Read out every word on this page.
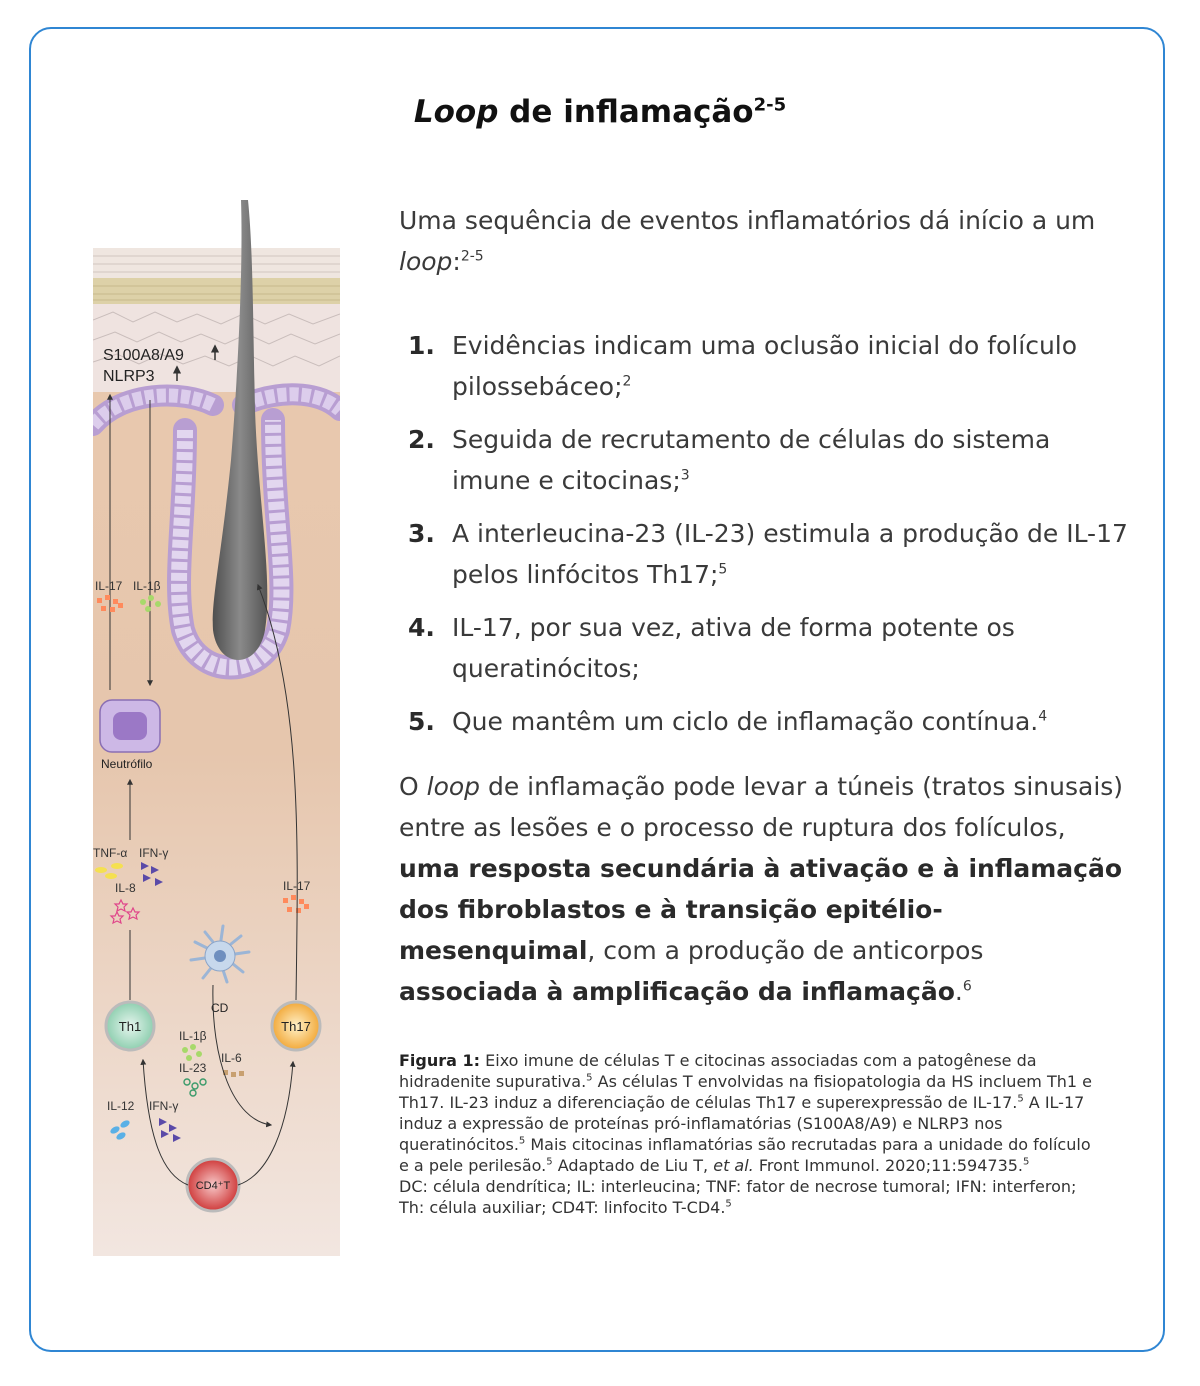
Loop de inflamação$^{2-5}$
Uma sequência de eventos inflamatórios dá início a um loop:$^{2-5}$
1. Evidências indicam uma oclusão inicial do folículo pilossebáceo;$^2$
2. Seguida de recrutamento de células do sistema imune e citocinas;$^3$
3. A interleucina-23 (IL-23) estimula a produção de IL-17 pelos linfócitos Th17;$^5$
4. IL-17, por sua vez, ativa de forma potente os queratinócitos;
5. Que mantêm um ciclo de inflamação contínua.$^4$
O loop de inflamação pode levar a túneis (tratos sinusais) entre as lesões e o processo de ruptura dos folículos, uma resposta secundária à ativação e à inflamação dos fibroblastos e à transição epitélio-mesenquimal, com a produção de anticorpos associada à amplificação da inflamação.$^6$
Figura 1: Eixo imune de células T e citocinas associadas com a patogênese da hidradenite supurativa.$^5$ As células T envolvidas na fisiopatologia da HS incluem Th1 e Th17. IL-23 induz a diferenciação de células Th17 e superexpressão de IL-17.$^5$ A IL-17 induz a expressão de proteínas pró-inflamatórias (S100A8/A9) e NLRP3 nos queratinócitos.$^5$ Mais citocinas inflamatórias são recrutadas para a unidade do folículo e a pele perilesão.$^5$ Adaptado de Liu T, et al. Front Immunol. 2020;11:594735.$^5$
DC: célula dendrítica; IL: interleucina; TNF: fator de necrose tumoral; IFN: interferon; Th: célula auxiliar; CD4T: linfocito T-CD4.$^5$
S100A8/A9
NLRP3
IL-17 IL-1β
Neutrófilo
TNF-α IFN-γ
IL-8	IL-17
CD
Th1	Th17
IL-1β
IL-6
IL-23
IL-12 IFN-γ
CD4⁺T
